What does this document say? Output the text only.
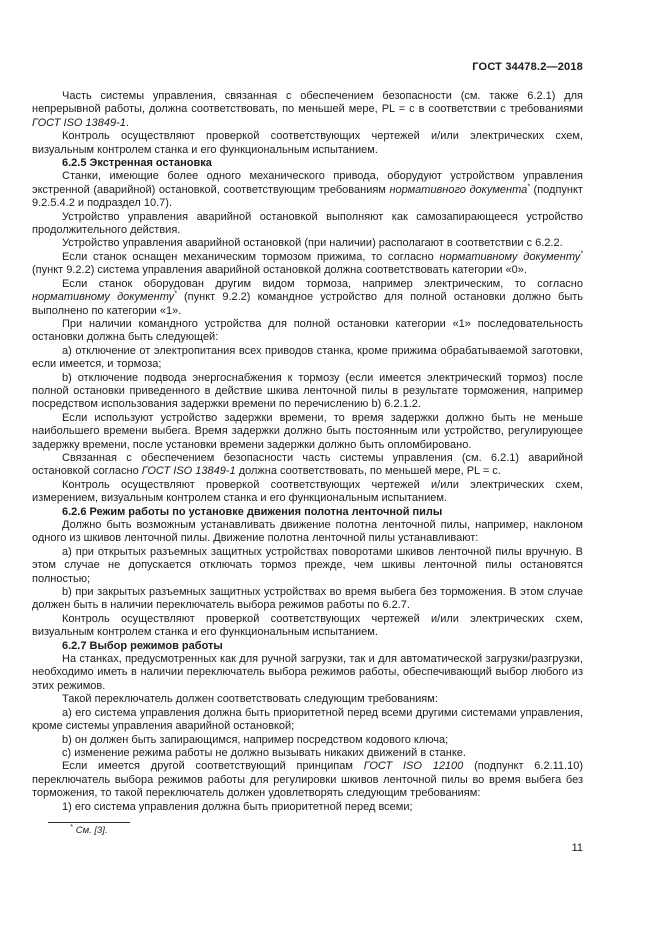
ГОСТ 34478.2—2018

Часть системы управления, связанная с обеспечением безопасности (см. также 6.2.1) для непрерывной работы, должна соответствовать, по меньшей мере, PL = c в соответствии с требованиями ГОСТ ISO 13849-1.

Контроль осуществляют проверкой соответствующих чертежей и/или электрических схем, визуальным контролем станка и его функциональным испытанием.

6.2.5 Экстренная остановка

Станки, имеющие более одного механического привода, оборудуют устройством управления экстренной (аварийной) остановкой, соответствующим требованиям нормативного документа* (подпункт 9.2.5.4.2 и подраздел 10.7).

Устройство управления аварийной остановкой выполняют как самозапирающееся устройство продолжительного действия.

Устройство управления аварийной остановкой (при наличии) располагают в соответствии с 6.2.2.

Если станок оснащен механическим тормозом прижима, то согласно нормативному документу* (пункт 9.2.2) система управления аварийной остановкой должна соответствовать категории «0».

Если станок оборудован другим видом тормоза, например электрическим, то согласно нормативному документу* (пункт 9.2.2) командное устройство для полной остановки должно быть выполнено по категории «1».

При наличии командного устройства для полной остановки категории «1» последовательность остановки должна быть следующей:

a) отключение от электропитания всех приводов станка, кроме прижима обрабатываемой заготовки, если имеется, и тормоза;

b) отключение подвода энергоснабжения к тормозу (если имеется электрический тормоз) после полной остановки приведенного в действие шкива ленточной пилы в результате торможения, например посредством использования задержки времени по перечислению b) 6.2.1.2.

Если используют устройство задержки времени, то время задержки должно быть не меньше наибольшего времени выбега. Время задержки должно быть постоянным или устройство, регулирующее задержку времени, после установки времени задержки должно быть опломбировано.

Связанная с обеспечением безопасности часть системы управления (см. 6.2.1) аварийной остановкой согласно ГОСТ ISO 13849-1 должна соответствовать, по меньшей мере, PL = c.

Контроль осуществляют проверкой соответствующих чертежей и/или электрических схем, измерением, визуальным контролем станка и его функциональным испытанием.

6.2.6 Режим работы по установке движения полотна ленточной пилы

Должно быть возможным устанавливать движение полотна ленточной пилы, например, наклоном одного из шкивов ленточной пилы. Движение полотна ленточной пилы устанавливают:

a) при открытых разъемных защитных устройствах поворотами шкивов ленточной пилы вручную. В этом случае не допускается отключать тормоз прежде, чем шкивы ленточной пилы остановятся полностью;

b) при закрытых разъемных защитных устройствах во время выбега без торможения. В этом случае должен быть в наличии переключатель выбора режимов работы по 6.2.7.

Контроль осуществляют проверкой соответствующих чертежей и/или электрических схем, визуальным контролем станка и его функциональным испытанием.

6.2.7 Выбор режимов работы

На станках, предусмотренных как для ручной загрузки, так и для автоматической загрузки/разгрузки, необходимо иметь в наличии переключатель выбора режимов работы, обеспечивающий выбор любого из этих режимов.

Такой переключатель должен соответствовать следующим требованиям:

a) его система управления должна быть приоритетной перед всеми другими системами управления, кроме системы управления аварийной остановкой;

b) он должен быть запирающимся, например посредством кодового ключа;

c) изменение режима работы не должно вызывать никаких движений в станке.

Если имеется другой соответствующий принципам ГОСТ ISO 12100 (подпункт 6.2.11.10) переключатель выбора режимов работы для регулировки шкивов ленточной пилы во время выбега без торможения, то такой переключатель должен удовлетворять следующим требованиям:

1) его система управления должна быть приоритетной перед всеми;

* См. [3].
11
